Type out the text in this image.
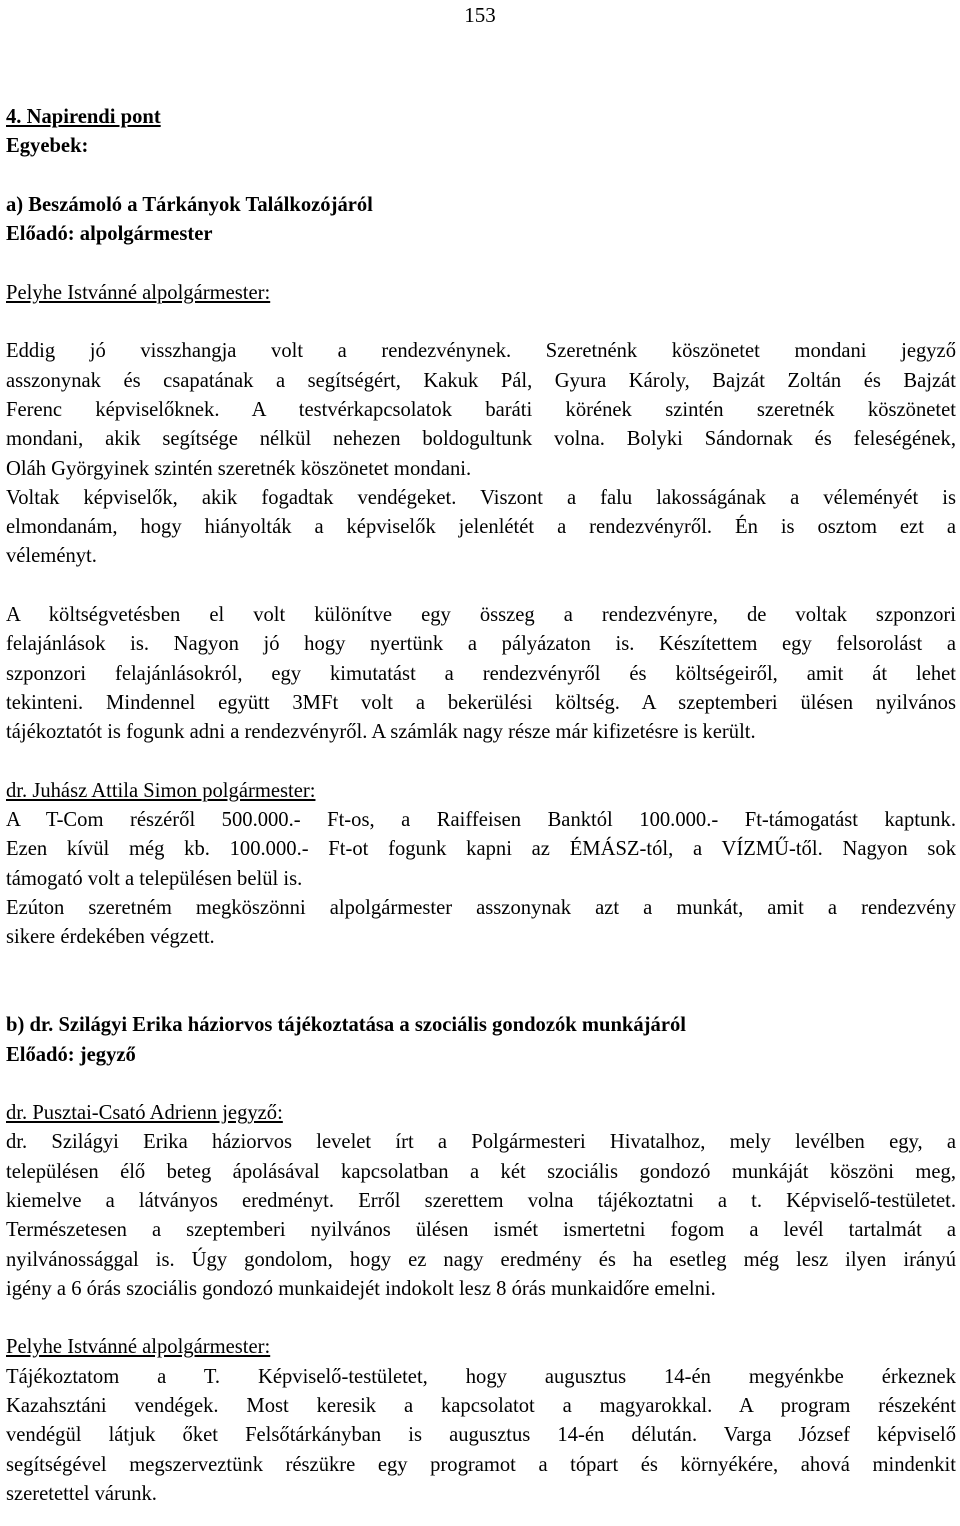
153

4. Napirendi pont

Egyebek:

a) Beszámoló a Tárkányok Találkozójáról

Előadó: alpolgármester

Pelyhe Istvánné alpolgármester:

Eddig jó visszhangja volt a rendezvénynek. Szeretnénk köszönetet mondani jegyző

asszonynak és csapatának a segítségért, Kakuk Pál, Gyura Károly, Bajzát Zoltán és Bajzát

Ferenc képviselőknek. A testvérkapcsolatok baráti körének szintén szeretnék köszönetet

mondani, akik segítsége nélkül nehezen boldogultunk volna. Bolyki Sándornak és feleségének,

Oláh Györgyinek szintén szeretnék köszönetet mondani.

Voltak képviselők, akik fogadtak vendégeket. Viszont a falu lakosságának a véleményét is

elmondanám, hogy hiányolták a képviselők jelenlétét a rendezvényről. Én is osztom ezt a

véleményt.

A költségvetésben el volt különítve egy összeg a rendezvényre, de voltak szponzori

felajánlások is. Nagyon jó hogy nyertünk a pályázaton is. Készítettem egy felsorolást a

szponzori felajánlásokról, egy kimutatást a rendezvényről és költségeiről, amit át lehet

tekinteni. Mindennel együtt 3MFt volt a bekerülési költség. A szeptemberi ülésen nyilvános

tájékoztatót is fogunk adni a rendezvényről. A számlák nagy része már kifizetésre is került.

dr. Juhász Attila Simon polgármester:

A T-Com részéről 500.000.- Ft-os, a Raiffeisen Banktól 100.000.- Ft-támogatást kaptunk.

Ezen kívül még kb. 100.000.- Ft-ot fogunk kapni az ÉMÁSZ-tól, a VÍZMŰ-től. Nagyon sok

támogató volt a településen belül is.

Ezúton szeretném megköszönni alpolgármester asszonynak azt a munkát, amit a rendezvény

sikere érdekében végzett.

b) dr. Szilágyi Erika háziorvos tájékoztatása a szociális gondozók munkájáról

Előadó: jegyző

dr. Pusztai-Csató Adrienn jegyző:

dr. Szilágyi Erika háziorvos levelet írt a Polgármesteri Hivatalhoz, mely levélben egy, a

településen élő beteg ápolásával kapcsolatban a két szociális gondozó munkáját köszöni meg,

kiemelve a látványos eredményt. Erről szerettem volna tájékoztatni a t. Képviselő-testületet.

Természetesen a szeptemberi nyilvános ülésen ismét ismertetni fogom a levél tartalmát a

nyilvánossággal is. Úgy gondolom, hogy ez nagy eredmény és ha esetleg még lesz ilyen irányú

igény a 6 órás szociális gondozó munkaidejét indokolt lesz 8 órás munkaidőre emelni.

Pelyhe Istvánné alpolgármester:

Tájékoztatom a T. Képviselő-testületet, hogy augusztus 14-én megyénkbe érkeznek

Kazahsztáni vendégek. Most keresik a kapcsolatot a magyarokkal. A program részeként

vendégül látjuk őket Felsőtárkányban is augusztus 14-én délután. Varga József képviselő

segítségével megszerveztünk részükre egy programot a tópart és környékére, ahová mindenkit

szeretettel várunk.
